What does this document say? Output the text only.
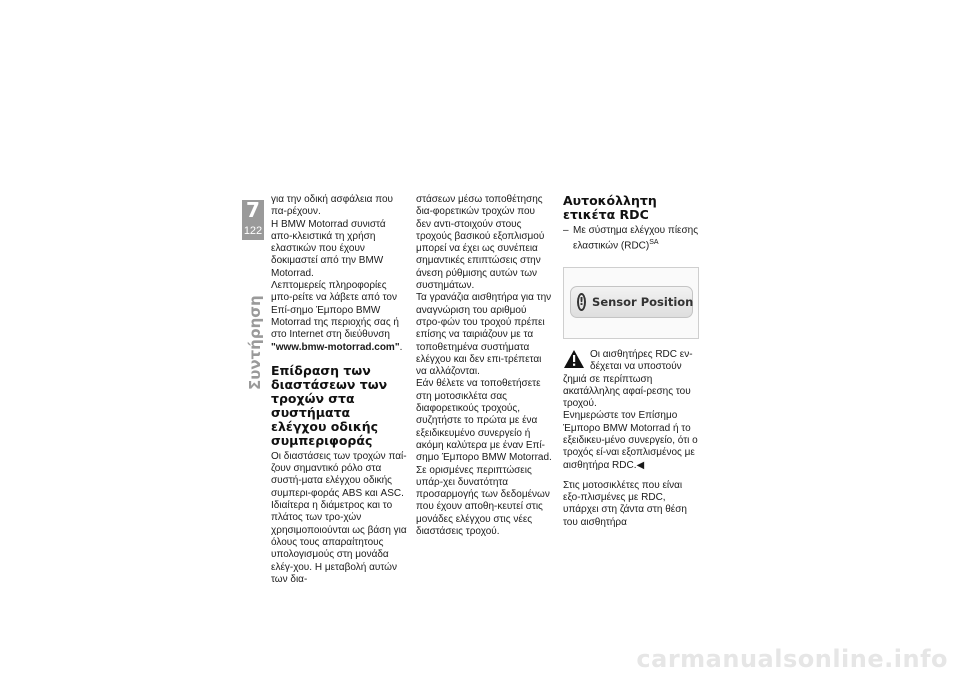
7
122
Συντήρηση

για την οδική ασφάλεια που πα-ρέχουν.

Η BMW Motorrad συνιστά απο-κλειστικά τη χρήση ελαστικών που έχουν δοκιμαστεί από την BMW Motorrad.

Λεπτομερείς πληροφορίες μπο-ρείτε να λάβετε από τον Επί-σημο Έμπορο BMW Motorrad της περιοχής σας ή στο Internet στη διεύθυνση "www.bmw-motorrad.com".

Επίδραση των διαστάσεων των τροχών στα συστήματα ελέγχου οδικής συμπεριφοράς

Οι διαστάσεις των τροχών παί-ζουν σημαντικό ρόλο στα συστή-ματα ελέγχου οδικής συμπερι-φοράς ABS και ASC. Ιδιαίτερα η διάμετρος και το πλάτος των τρο-χών χρησιμοποιούνται ως βάση για όλους τους απαραίτητους υπολογισμούς στη μονάδα ελέγ-χου. Η μεταβολή αυτών των δια-

στάσεων μέσω τοποθέτησης δια-φορετικών τροχών που δεν αντι-στοιχούν στους τροχούς βασικού εξοπλισμού μπορεί να έχει ως συνέπεια σημαντικές επιπτώσεις στην άνεση ρύθμισης αυτών των συστημάτων.

Τα γρανάζια αισθητήρα για την αναγνώριση του αριθμού στρο-φών του τροχού πρέπει επίσης να ταιριάζουν με τα τοποθετημένα συστήματα ελέγχου και δεν επι-τρέπεται να αλλάζονται.

Εάν θέλετε να τοποθετήσετε στη μοτοσικλέτα σας διαφορετικούς τροχούς, συζητήστε το πρώτα με ένα εξειδικευμένο συνεργείο ή ακόμη καλύτερα με έναν Επί-σημο Έμπορο BMW Motorrad.

Σε ορισμένες περιπτώσεις υπάρ-χει δυνατότητα προσαρμογής των δεδομένων που έχουν αποθη-κευτεί στις μονάδες ελέγχου στις νέες διαστάσεις τροχού.

Αυτοκόλλητη ετικέτα RDC
– Με σύστημα ελέγχου πίεσης ελαστικών (RDC)$^{SA}$
! Sensor Position

Οι αισθητήρες RDC εν-δέχεται να υποστούν ζημιά σε περίπτωση ακατάλληλης αφαί-ρεσης του τροχού.

Ενημερώστε τον Επίσημο Έμπορο BMW Motorrad ή το εξειδικευ-μένο συνεργείο, ότι ο τροχός εί-ναι εξοπλισμένος με αισθητήρα RDC.◀

Στις μοτοσικλέτες που είναι εξο-πλισμένες με RDC, υπάρχει στη ζάντα στη θέση του αισθητήρα

carmanualsonline.info
